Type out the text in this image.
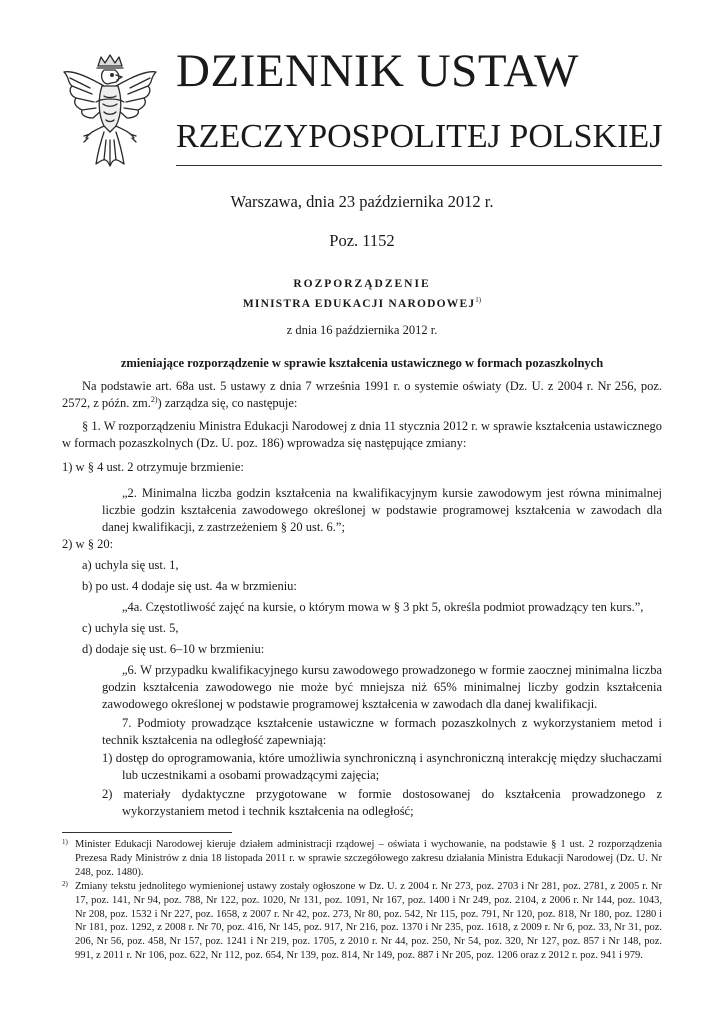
DZIENNIK USTAW
RZECZYPOSPOLITEJ POLSKIEJ
Warszawa, dnia 23 października 2012 r.
Poz. 1152
ROZPORZĄDZENIE
MINISTRA EDUKACJI NARODOWEJ$^{1)}$
z dnia 16 października 2012 r.
zmieniające rozporządzenie w sprawie kształcenia ustawicznego w formach pozaszkolnych
Na podstawie art. 68a ust. 5 ustawy z dnia 7 września 1991 r. o systemie oświaty (Dz. U. z 2004 r. Nr 256, poz. 2572, z późn. zm.$^{2)}$) zarządza się, co następuje:
§ 1. W rozporządzeniu Ministra Edukacji Narodowej z dnia 11 stycznia 2012 r. w sprawie kształcenia ustawicznego w formach pozaszkolnych (Dz. U. poz. 186) wprowadza się następujące zmiany:
1) w § 4 ust. 2 otrzymuje brzmienie:
„2. Minimalna liczba godzin kształcenia na kwalifikacyjnym kursie zawodowym jest równa minimalnej liczbie godzin kształcenia zawodowego określonej w podstawie programowej kształcenia w zawodach dla danej kwalifikacji, z zastrzeżeniem § 20 ust. 6.”;
2) w § 20:
a) uchyla się ust. 1,
b) po ust. 4 dodaje się ust. 4a w brzmieniu:
„4a. Częstotliwość zajęć na kursie, o którym mowa w § 3 pkt 5, określa podmiot prowadzący ten kurs.”,
c) uchyla się ust. 5,
d) dodaje się ust. 6–10 w brzmieniu:
„6. W przypadku kwalifikacyjnego kursu zawodowego prowadzonego w formie zaocznej minimalna liczba godzin kształcenia zawodowego nie może być mniejsza niż 65% minimalnej liczby godzin kształcenia zawodowego określonej w podstawie programowej kształcenia w zawodach dla danej kwalifikacji.
7. Podmioty prowadzące kształcenie ustawiczne w formach pozaszkolnych z wykorzystaniem metod i technik kształcenia na odległość zapewniają:
1) dostęp do oprogramowania, które umożliwia synchroniczną i asynchroniczną interakcję między słuchaczami lub uczestnikami a osobami prowadzącymi zajęcia;
2) materiały dydaktyczne przygotowane w formie dostosowanej do kształcenia prowadzonego z wykorzystaniem metod i technik kształcenia na odległość;
1) Minister Edukacji Narodowej kieruje działem administracji rządowej – oświata i wychowanie, na podstawie § 1 ust. 2 rozporządzenia Prezesa Rady Ministrów z dnia 18 listopada 2011 r. w sprawie szczegółowego zakresu działania Ministra Edukacji Narodowej (Dz. U. Nr 248, poz. 1480).
2) Zmiany tekstu jednolitego wymienionej ustawy zostały ogłoszone w Dz. U. z 2004 r. Nr 273, poz. 2703 i Nr 281, poz. 2781, z 2005 r. Nr 17, poz. 141, Nr 94, poz. 788, Nr 122, poz. 1020, Nr 131, poz. 1091, Nr 167, poz. 1400 i Nr 249, poz. 2104, z 2006 r. Nr 144, poz. 1043, Nr 208, poz. 1532 i Nr 227, poz. 1658, z 2007 r. Nr 42, poz. 273, Nr 80, poz. 542, Nr 115, poz. 791, Nr 120, poz. 818, Nr 180, poz. 1280 i Nr 181, poz. 1292, z 2008 r. Nr 70, poz. 416, Nr 145, poz. 917, Nr 216, poz. 1370 i Nr 235, poz. 1618, z 2009 r. Nr 6, poz. 33, Nr 31, poz. 206, Nr 56, poz. 458, Nr 157, poz. 1241 i Nr 219, poz. 1705, z 2010 r. Nr 44, poz. 250, Nr 54, poz. 320, Nr 127, poz. 857 i Nr 148, poz. 991, z 2011 r. Nr 106, poz. 622, Nr 112, poz. 654, Nr 139, poz. 814, Nr 149, poz. 887 i Nr 205, poz. 1206 oraz z 2012 r. poz. 941 i 979.
